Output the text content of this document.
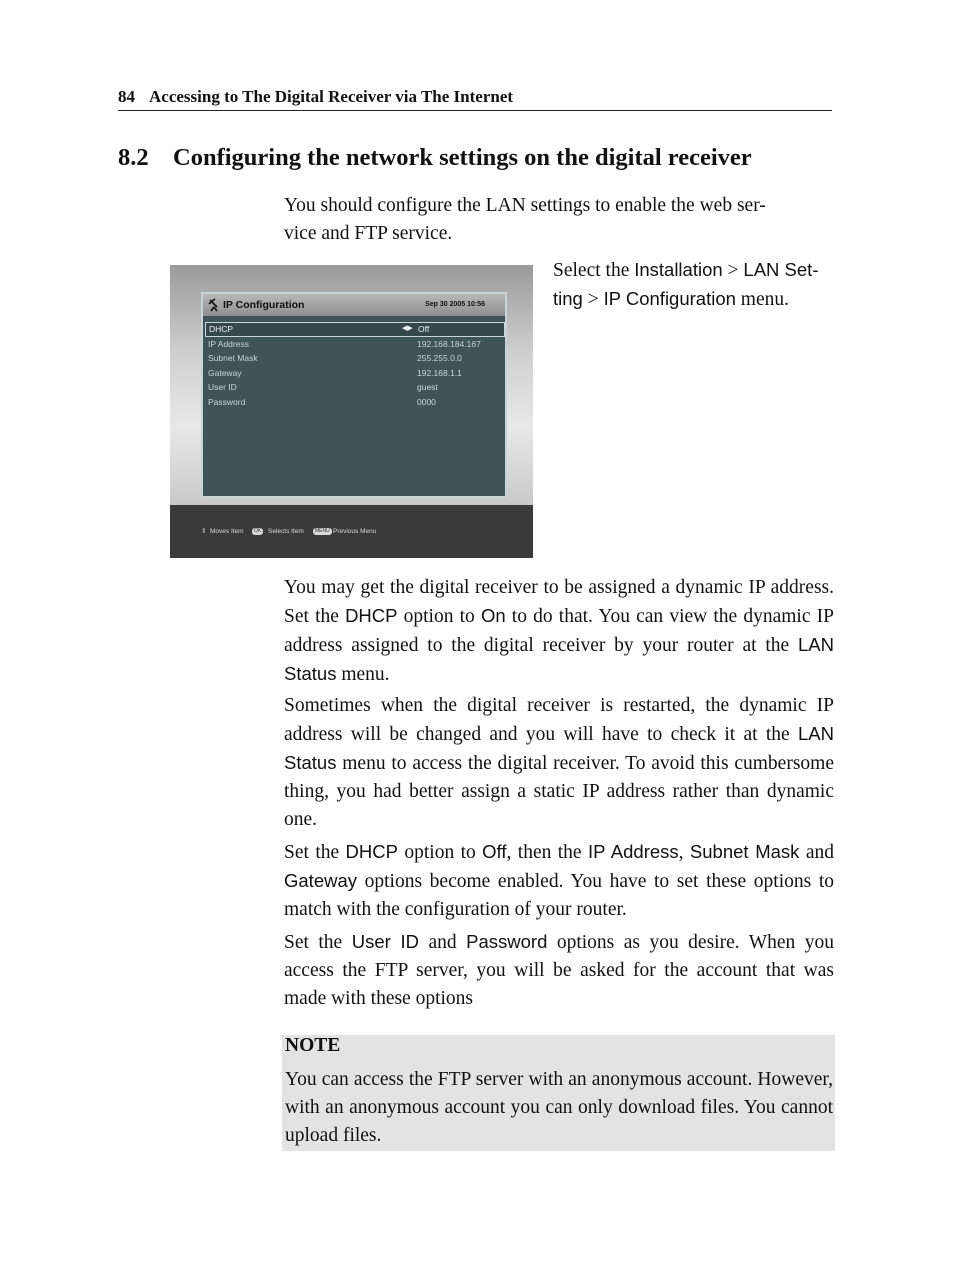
84 Accessing to The Digital Receiver via The Internet
8.2 Configuring the network settings on the digital receiver

You should configure the LAN settings to enable the web ser-
vice and FTP service.

Select the Installation > LAN Set-
ting > IP Configuration menu.
IP Configuration	Sep 30 2005 10:56
DHCP	◀▶ Off
IP Address	192.168.184.167
Subnet Mask	255.255.0.0
Gateway	192.168.1.1
User ID	guest
Password	0000
⇕ Moves Item	OK	Selects Item	MENU Previous Menu

You may get the digital receiver to be assigned a dynamic IP address. Set the DHCP option to On to do that. You can view the dynamic IP address assigned to the digital receiver by your router at the LAN Status menu.

Sometimes when the digital receiver is restarted, the dynamic IP address will be changed and you will have to check it at the LAN Status menu to access the digital receiver. To avoid this cumbersome thing, you had better assign a static IP address rather than dynamic one.

Set the DHCP option to Off, then the IP Address, Subnet Mask and Gateway options become enabled. You have to set these options to match with the configuration of your router.

Set the User ID and Password options as you desire. When you access the FTP server, you will be asked for the account that was made with these options

NOTE
You can access the FTP server with an anonymous account. However, with an anonymous account you can only download files. You cannot upload files.
